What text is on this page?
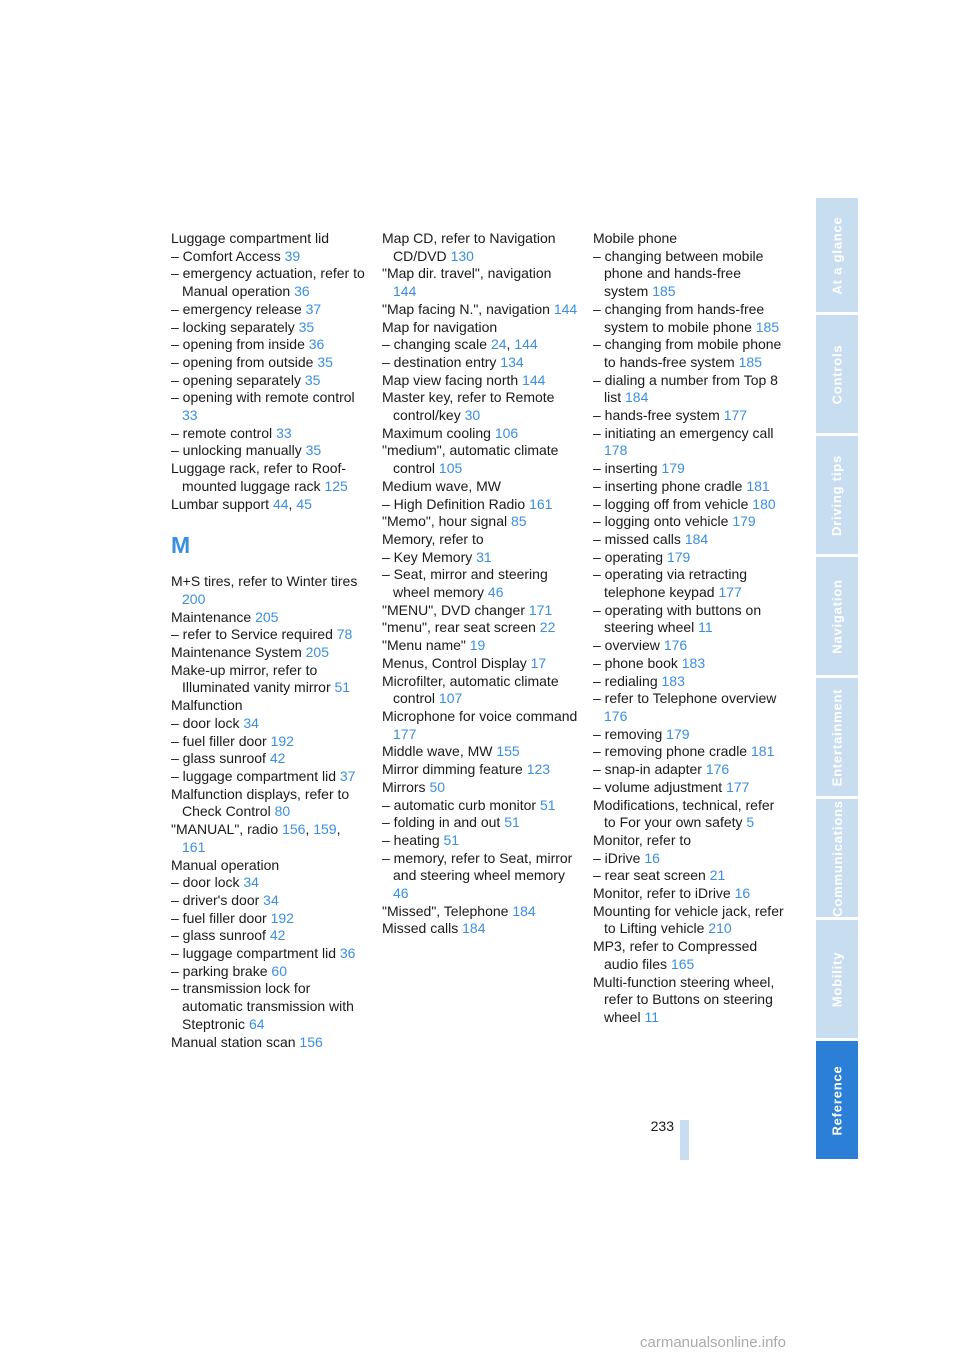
Luggage compartment lid

– Comfort Access 39

– emergency actuation, refer to Manual operation 36

– emergency release 37

– locking separately 35

– opening from inside 36

– opening from outside 35

– opening separately 35

– opening with remote control 33

– remote control 33

– unlocking manually 35

Luggage rack, refer to Roof-mounted luggage rack 125

Lumbar support 44, 45

M

M+S tires, refer to Winter tires 200

Maintenance 205

– refer to Service required 78

Maintenance System 205

Make-up mirror, refer to Illuminated vanity mirror 51

Malfunction

– door lock 34

– fuel filler door 192

– glass sunroof 42

– luggage compartment lid 37

Malfunction displays, refer to Check Control 80

"MANUAL", radio 156, 159, 161

Manual operation

– door lock 34

– driver's door 34

– fuel filler door 192

– glass sunroof 42

– luggage compartment lid 36

– parking brake 60

– transmission lock for automatic transmission with Steptronic 64

Manual station scan 156

Map CD, refer to Navigation CD/DVD 130

"Map dir. travel", navigation 144

"Map facing N.", navigation 144

Map for navigation

– changing scale 24, 144

– destination entry 134

Map view facing north 144

Master key, refer to Remote control/key 30

Maximum cooling 106

"medium", automatic climate control 105

Medium wave, MW

– High Definition Radio 161

"Memo", hour signal 85

Memory, refer to

– Key Memory 31

– Seat, mirror and steering wheel memory 46

"MENU", DVD changer 171

"menu", rear seat screen 22

"Menu name" 19

Menus, Control Display 17

Microfilter, automatic climate control 107

Microphone for voice command 177

Middle wave, MW 155

Mirror dimming feature 123

Mirrors 50

– automatic curb monitor 51

– folding in and out 51

– heating 51

– memory, refer to Seat, mirror and steering wheel memory 46

"Missed", Telephone 184

Missed calls 184

Mobile phone

– changing between mobile phone and hands-free system 185

– changing from hands-free system to mobile phone 185

– changing from mobile phone to hands-free system 185

– dialing a number from Top 8 list 184

– hands-free system 177

– initiating an emergency call 178

– inserting 179

– inserting phone cradle 181

– logging off from vehicle 180

– logging onto vehicle 179

– missed calls 184

– operating 179

– operating via retracting telephone keypad 177

– operating with buttons on steering wheel 11

– overview 176

– phone book 183

– redialing 183

– refer to Telephone overview 176

– removing 179

– removing phone cradle 181

– snap-in adapter 176

– volume adjustment 177

Modifications, technical, refer to For your own safety 5

Monitor, refer to

– iDrive 16

– rear seat screen 21

Monitor, refer to iDrive 16

Mounting for vehicle jack, refer to Lifting vehicle 210

MP3, refer to Compressed audio files 165

Multi-function steering wheel, refer to Buttons on steering wheel 11

At a glance
Controls
Driving tips
Navigation
Entertainment
Communications
Mobility
Reference
233
carmanualsonline.info
